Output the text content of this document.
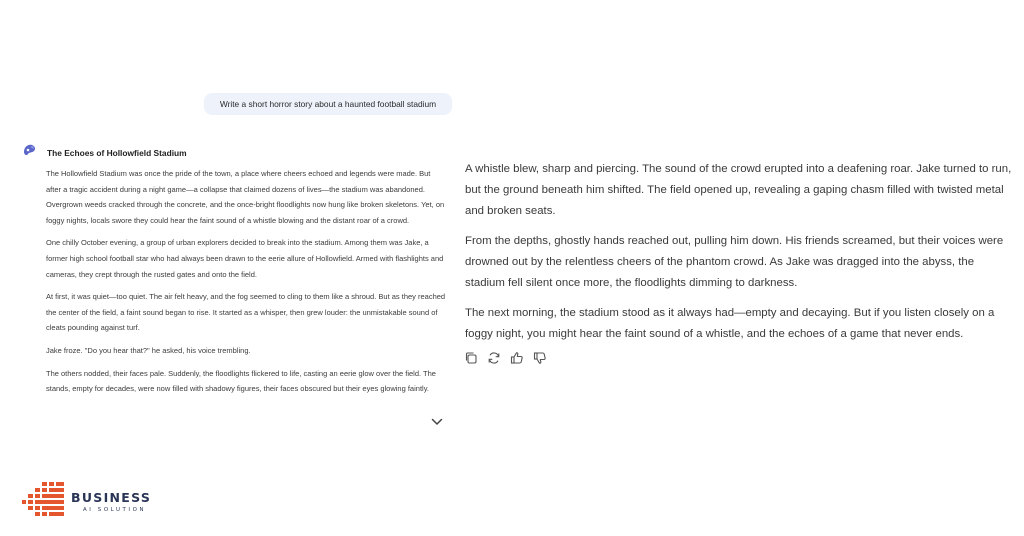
Write a short horror story about a haunted football stadium
The Echoes of Hollowfield Stadium

The Hollowfield Stadium was once the pride of the town, a place where cheers echoed and legends were made. But after a tragic accident during a night game—a collapse that claimed dozens of lives—the stadium was abandoned. Overgrown weeds cracked through the concrete, and the once-bright floodlights now hung like broken skeletons. Yet, on foggy nights, locals swore they could hear the faint sound of a whistle blowing and the distant roar of a crowd.

One chilly October evening, a group of urban explorers decided to break into the stadium. Among them was Jake, a former high school football star who had always been drawn to the eerie allure of Hollowfield. Armed with flashlights and cameras, they crept through the rusted gates and onto the field.

At first, it was quiet—too quiet. The air felt heavy, and the fog seemed to cling to them like a shroud. But as they reached the center of the field, a faint sound began to rise. It started as a whisper, then grew louder: the unmistakable sound of cleats pounding against turf.

Jake froze. "Do you hear that?" he asked, his voice trembling.

The others nodded, their faces pale. Suddenly, the floodlights flickered to life, casting an eerie glow over the field. The stands, empty for decades, were now filled with shadowy figures, their faces obscured but their eyes glowing faintly.

A whistle blew, sharp and piercing. The sound of the crowd erupted into a deafening roar. Jake turned to run, but the ground beneath him shifted. The field opened up, revealing a gaping chasm filled with twisted metal and broken seats.

From the depths, ghostly hands reached out, pulling him down. His friends screamed, but their voices were drowned out by the relentless cheers of the phantom crowd. As Jake was dragged into the abyss, the stadium fell silent once more, the floodlights dimming to darkness.

The next morning, the stadium stood as it always had—empty and decaying. But if you listen closely on a foggy night, you might hear the faint sound of a whistle, and the echoes of a game that never ends.

BUSINESS
AI SOLUTION
